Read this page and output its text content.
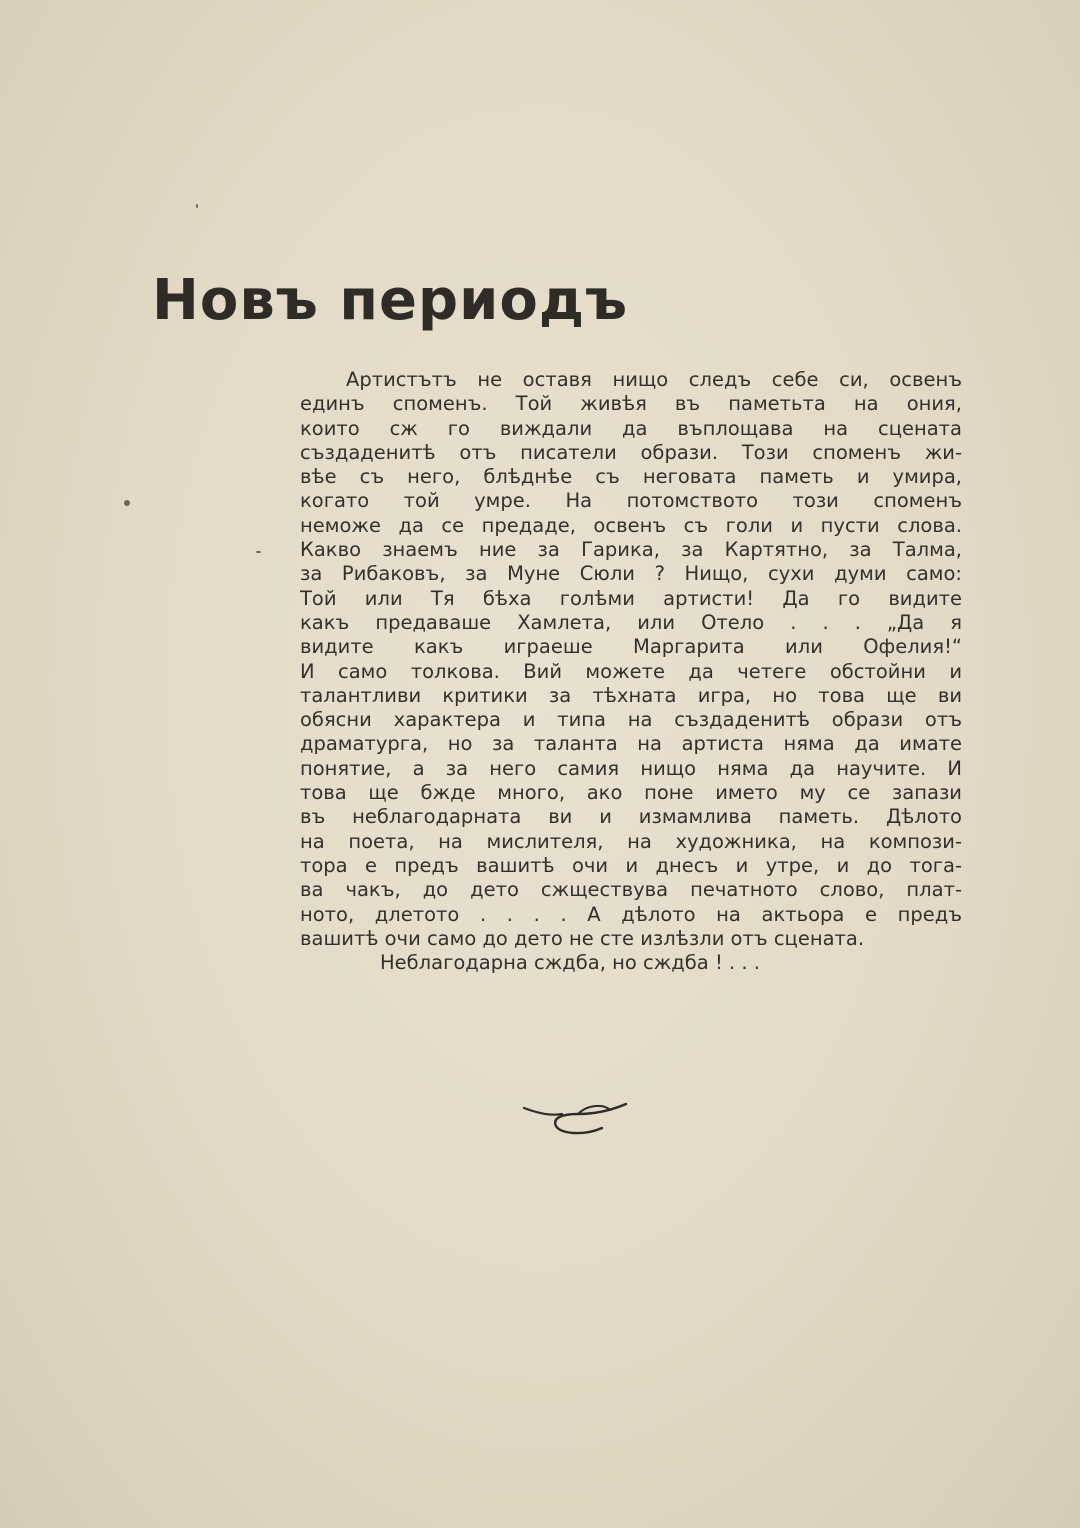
Новъ периодъ
Артистътъ не оставя нищо следъ себе си, освенъ
единъ споменъ. Той живѣя въ паметьта на ония,
които сж го виждали да въплощава на сцената
създаденитѣ отъ писатели образи. Този споменъ жи-
вѣе съ него, блѣднѣе съ неговата паметь и умира,
когато той умре. На потомството този споменъ
неможе да се предаде, освенъ съ голи и пусти слова.
Какво знаемъ ние за Гарика, за Картятно, за Талма,
за Рибаковъ, за Муне Сюли ? Нищо, сухи думи само:
Той или Тя бѣха голѣми артисти! Да го видите
какъ предаваше Хамлета, или Отело . . . „Да я
видите какъ играеше Маргарита или Офелия!“
И само толкова. Вий можете да четеге обстойни и
талантливи критики за тѣхната игра, но това ще ви
обясни характера и типа на създаденитѣ образи отъ
драматурга, но за таланта на артиста няма да имате
понятие, а за него самия нищо няма да научите. И
това ще бжде много, ако поне името му се запази
въ неблагодарната ви и измамлива паметь. Дѣлото
на поета, на мислителя, на художника, на компози-
тора е предъ вашитѣ очи и днесъ и утре, и до тога-
ва чакъ, до дето сжществува печатното слово, плат-
ното, длетото . . . . А дѣлото на актьора е предъ
вашитѣ очи само до дето не сте излѣзли отъ сцената.
Неблагодарна сждба, но сждба ! . . .
